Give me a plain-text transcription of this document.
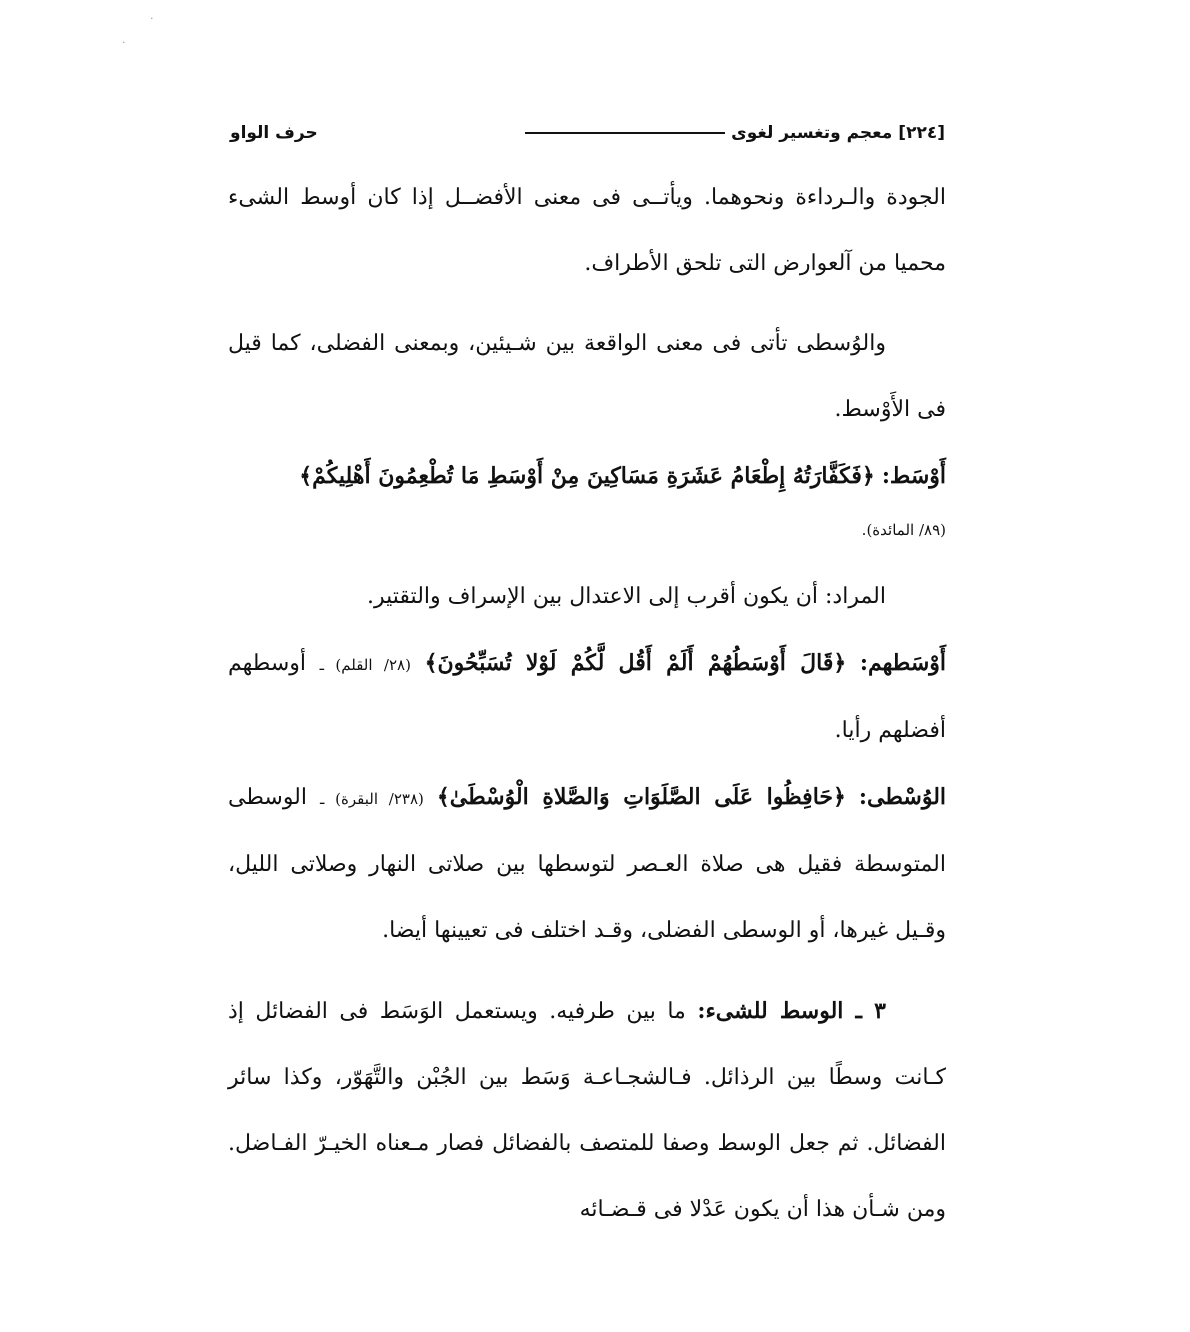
·
·
[٢٢٤]
معجم وتغسير لغوى
حرف الواو

الجودة والـرداءة ونحوهما. ويأتــى فى معنى الأفضــل إذا كان أوسط الشىء محميا من آلعوارض التى تلحق الأطراف.

والوُسطى تأتى فى معنى الواقعة بين شـيئين، وبمعنى الفضلى، كما قيل فى الأَوْسط.

أَوْسَط: ﴿فَكَفَّارَتُهُ إِطْعَامُ عَشَرَةِ مَسَاكِينَ مِنْ أَوْسَطِ مَا تُطْعِمُونَ أَهْلِيكُمْ﴾

(٨٩/ المائدة).

المراد: أن يكون أقرب إلى الاعتدال بين الإسراف والتقتير.

أَوْسَطهم: ﴿قَالَ أَوْسَطُهُمْ أَلَمْ أَقُل لَّكُمْ لَوْلا تُسَبِّحُونَ﴾ (٢٨/ القلم) ـ أوسطهم أفضلهم رأيا.

الوُسْطى: ﴿حَافِظُوا عَلَى الصَّلَوَاتِ وَالصَّلاةِ الْوُسْطَىٰ﴾ (٢٣٨/ البقرة) ـ الوسطى المتوسطة فقيل هى صلاة العـصر لتوسطها بين صلاتى النهار وصلاتى الليل، وقـيل غيرها، أو الوسطى الفضلى، وقـد اختلف فى تعيينها أيضا.

٣ ـ الوسط للشىء: ما بين طرفيه. ويستعمل الوَسَط فى الفضائل إذ كـانت وسطًا بين الرذائل. فـالشجـاعـة وَسَط بين الجُبْن والتَّهَوّر، وكذا سائر الفضائل. ثم جعل الوسط وصفا للمتصف بالفضائل فصار مـعناه الخيـرّ الفـاضل. ومن شـأن هذا أن يكون عَدْلا فى قـضـائه
